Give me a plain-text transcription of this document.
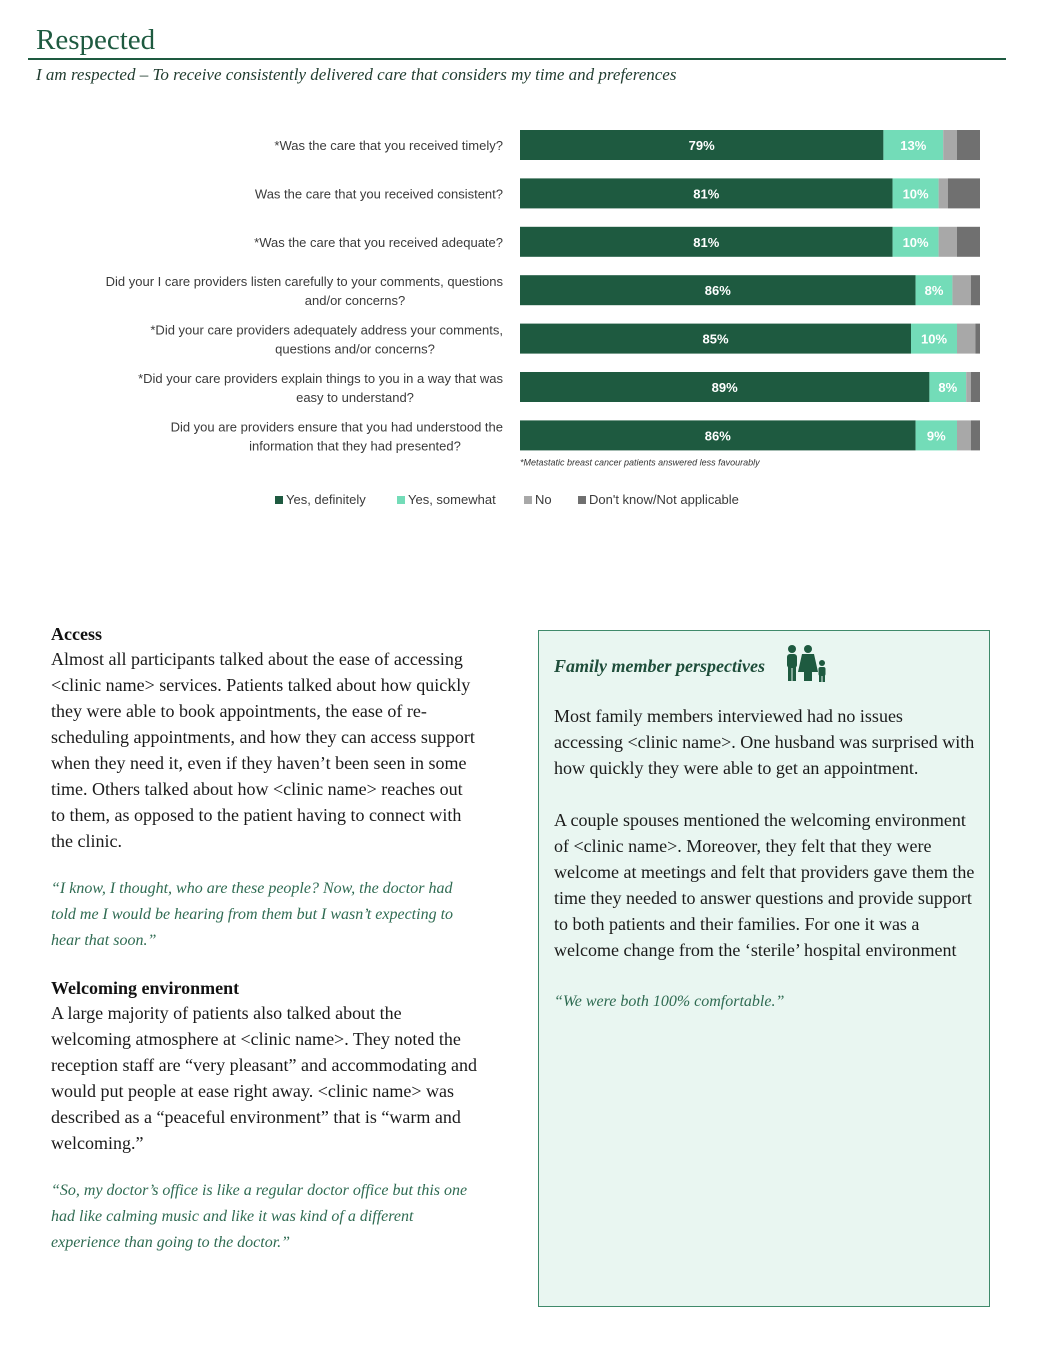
Respected
I am respected – To receive consistently delivered care that considers my time and preferences
*Was the care that you received timely?	79%	13%
Was the care that you received consistent?	81%	10%
*Was the care that you received adequate?	81%	10%
Did your I care providers listen carefully to your comments, questions
and/or concerns?
86%	8%
*Did your care providers adequately address your comments,
questions and/or concerns?
85%	10%
*Did your care providers explain things to you in a way that was
easy to understand?
89%	8%
Did you are providers ensure that you had understood the
information that they had presented?
86%	9%
*Metastatic breast cancer patients answered less favourably
Yes, definitely	Yes, somewhat	No	Don't know/Not applicable
Access
Almost all participants talked about the ease of accessing <clinic name> services. Patients talked about how quickly they were able to book appointments, the ease of re-scheduling appointments, and how they can access support when they need it, even if they haven’t been seen in some time. Others talked about how <clinic name> reaches out to them, as opposed to the patient having to connect with the clinic.
“I know, I thought, who are these people? Now, the doctor had told me I would be hearing from them but I wasn’t expecting to hear that soon.”
Welcoming environment
A large majority of patients also talked about the welcoming atmosphere at <clinic name>. They noted the reception staff are “very pleasant” and accommodating and would put people at ease right away. <clinic name> was described as a “peaceful environment” that is “warm and welcoming.”
“So, my doctor’s office is like a regular doctor office but this one had like calming music and like it was kind of a different experience than going to the doctor.”
Family member perspectives
Most family members interviewed had no issues accessing <clinic name>. One husband was surprised with how quickly they were able to get an appointment.
A couple spouses mentioned the welcoming environment of <clinic name>. Moreover, they felt that they were welcome at meetings and felt that providers gave them the time they needed to answer questions and provide support to both patients and their families. For one it was a welcome change from the ‘sterile’ hospital environment
“We were both 100% comfortable.”
